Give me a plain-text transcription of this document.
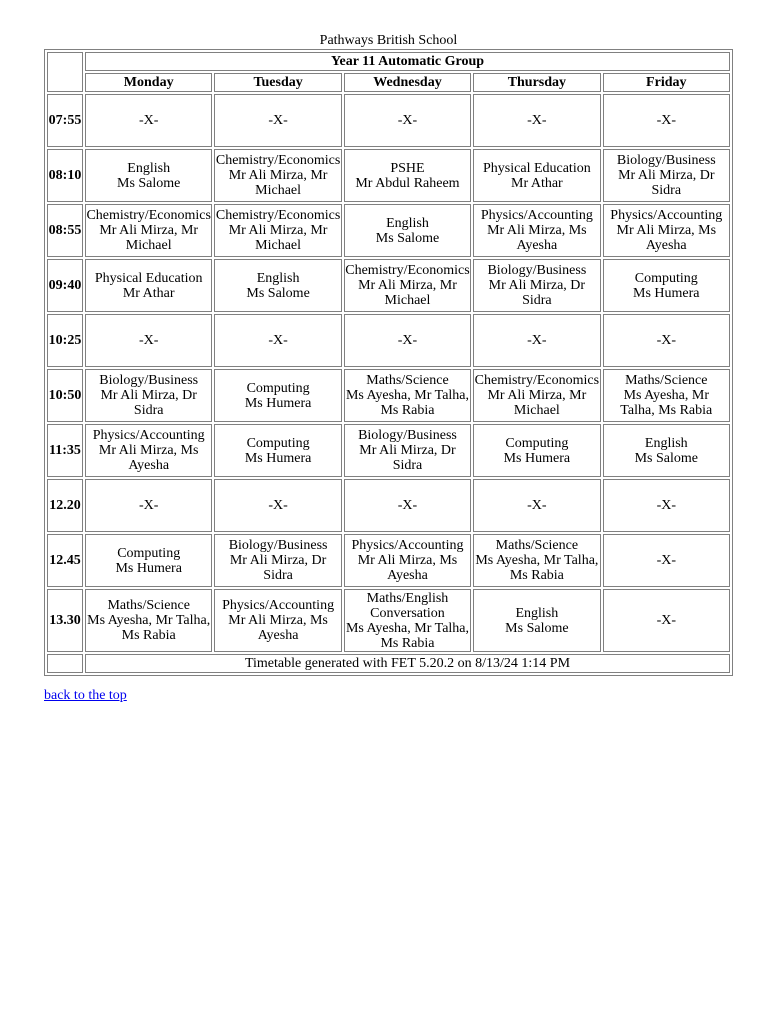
Pathways British School
	Year 11 Automatic Group				
	Monday	Tuesday	Wednesday	Thursday	Friday
07:55	-X-	-X-	-X-	-X-	-X-

08:10	English
Ms Salome	Chemistry/Economics
Mr Ali Mirza, Mr
Michael	PSHE
Mr Abdul Raheem	Physical Education
Mr Athar	Biology/Business
Mr Ali Mirza, Dr
Sidra

08:55	Chemistry/Economics
Mr Ali Mirza, Mr
Michael	Chemistry/Economics
Mr Ali Mirza, Mr
Michael	English
Ms Salome	Physics/Accounting
Mr Ali Mirza, Ms
Ayesha	Physics/Accounting
Mr Ali Mirza, Ms
Ayesha

09:40	Physical Education
Mr Athar	English
Ms Salome	Chemistry/Economics
Mr Ali Mirza, Mr
Michael	Biology/Business
Mr Ali Mirza, Dr
Sidra	Computing
Ms Humera

10:25	-X-	-X-	-X-	-X-	-X-

10:50	Biology/Business
Mr Ali Mirza, Dr
Sidra	Computing
Ms Humera	Maths/Science
Ms Ayesha, Mr Talha,
Ms Rabia	Chemistry/Economics
Mr Ali Mirza, Mr
Michael	Maths/Science
Ms Ayesha, Mr
Talha, Ms Rabia

11:35	Physics/Accounting
Mr Ali Mirza, Ms
Ayesha	Computing
Ms Humera	Biology/Business
Mr Ali Mirza, Dr
Sidra	Computing
Ms Humera	English
Ms Salome

12.20	-X-	-X-	-X-	-X-	-X-

12.45	Computing
Ms Humera	Biology/Business
Mr Ali Mirza, Dr
Sidra	Physics/Accounting
Mr Ali Mirza, Ms
Ayesha	Maths/Science
Ms Ayesha, Mr Talha,
Ms Rabia	-X-

13.30	Maths/Science
Ms Ayesha, Mr Talha,
Ms Rabia	Physics/Accounting
Mr Ali Mirza, Ms
Ayesha	Maths/English
Conversation
Ms Ayesha, Mr Talha,
Ms Rabia	English
Ms Salome	-X-

	Timetable generated with FET 5.20.2 on 8/13/24 1:14 PM				
back to the top
